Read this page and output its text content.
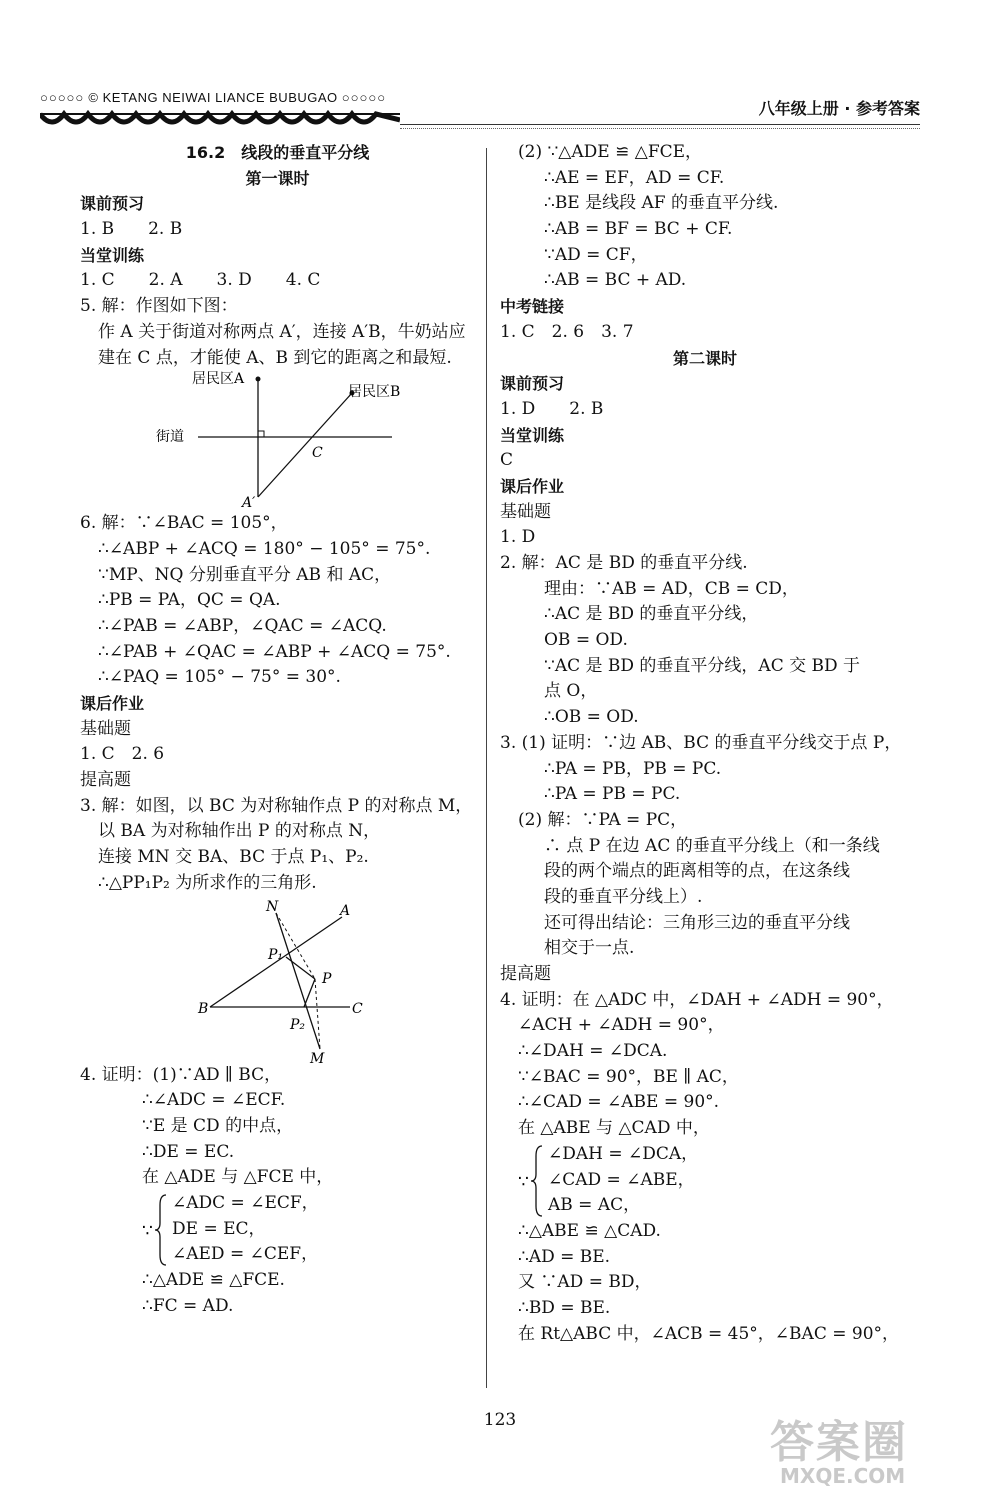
○○○○○ © KETANG NEIWAI LIANCE BUBUGAO ○○○○○
八年级上册 · 参考答案
16.2　线段的垂直平分线
第一课时
课前预习
1. B　　2. B
当堂训练
1. C　　2. A　　3. D　　4. C
5. 解：作图如下图：
作 A 关于街道对称两点 A′，连接 A′B，牛奶站应
建在 C 点，才能使 A、B 到它的距离之和最短.
居民区A
居民区B
街道
C
A′
6. 解：∵∠BAC = 105°，
∴∠ABP + ∠ACQ = 180° − 105° = 75°.
∵MP、NQ 分别垂直平分 AB 和 AC，
∴PB = PA，QC = QA.
∴∠PAB = ∠ABP，∠QAC = ∠ACQ.
∴∠PAB + ∠QAC = ∠ABP + ∠ACQ = 75°.
∴∠PAQ = 105° − 75° = 30°.
课后作业
基础题
1. C　2. 6
提高题
3. 解：如图，以 BC 为对称轴作点 P 的对称点 M，
以 BA 为对称轴作出 P 的对称点 N，
连接 MN 交 BA、BC 于点 P₁、P₂.
∴△PP₁P₂ 为所求作的三角形.
N	A
P₁
P
B	C
P₂
M
4. 证明：(1)∵AD ∥ BC，
∴∠ADC = ∠ECF.
∵E 是 CD 的中点，
∴DE = EC.
在 △ADE 与 △FCE 中，
∵
∠ADC = ∠ECF，
DE = EC，
∠AED = ∠CEF，
∴△ADE ≌ △FCE.
∴FC = AD.
(2) ∵△ADE ≌ △FCE，
∴AE = EF，AD = CF.
∴BE 是线段 AF 的垂直平分线.
∴AB = BF = BC + CF.
∵AD = CF，
∴AB = BC + AD.
中考链接
1. C　2. 6　3. 7
第二课时
课前预习
1. D　　2. B
当堂训练
C
课后作业
基础题
1. D
2. 解：AC 是 BD 的垂直平分线.
理由：∵AB = AD，CB = CD，
∴AC 是 BD 的垂直平分线，
OB = OD.
∵AC 是 BD 的垂直平分线，AC 交 BD 于
点 O，
∴OB = OD.
3. (1) 证明：∵边 AB、BC 的垂直平分线交于点 P，
∴PA = PB，PB = PC.
∴PA = PB = PC.
(2) 解：∵PA = PC，
∴ 点 P 在边 AC 的垂直平分线上（和一条线
段的两个端点的距离相等的点，在这条线
段的垂直平分线上）.
还可得出结论：三角形三边的垂直平分线
相交于一点.
提高题
4. 证明：在 △ADC 中，∠DAH + ∠ADH = 90°，
∠ACH + ∠ADH = 90°，
∴∠DAH = ∠DCA.
∵∠BAC = 90°，BE ∥ AC，
∴∠CAD = ∠ABE = 90°.
在 △ABE 与 △CAD 中，
∵
∠DAH = ∠DCA，
∠CAD = ∠ABE，
AB = AC，
∴△ABE ≌ △CAD.
∴AD = BE.
又 ∵AD = BD，
∴BD = BE.
在 Rt△ABC 中，∠ACB = 45°，∠BAC = 90°，
123	答案圈
MXQE.COM
